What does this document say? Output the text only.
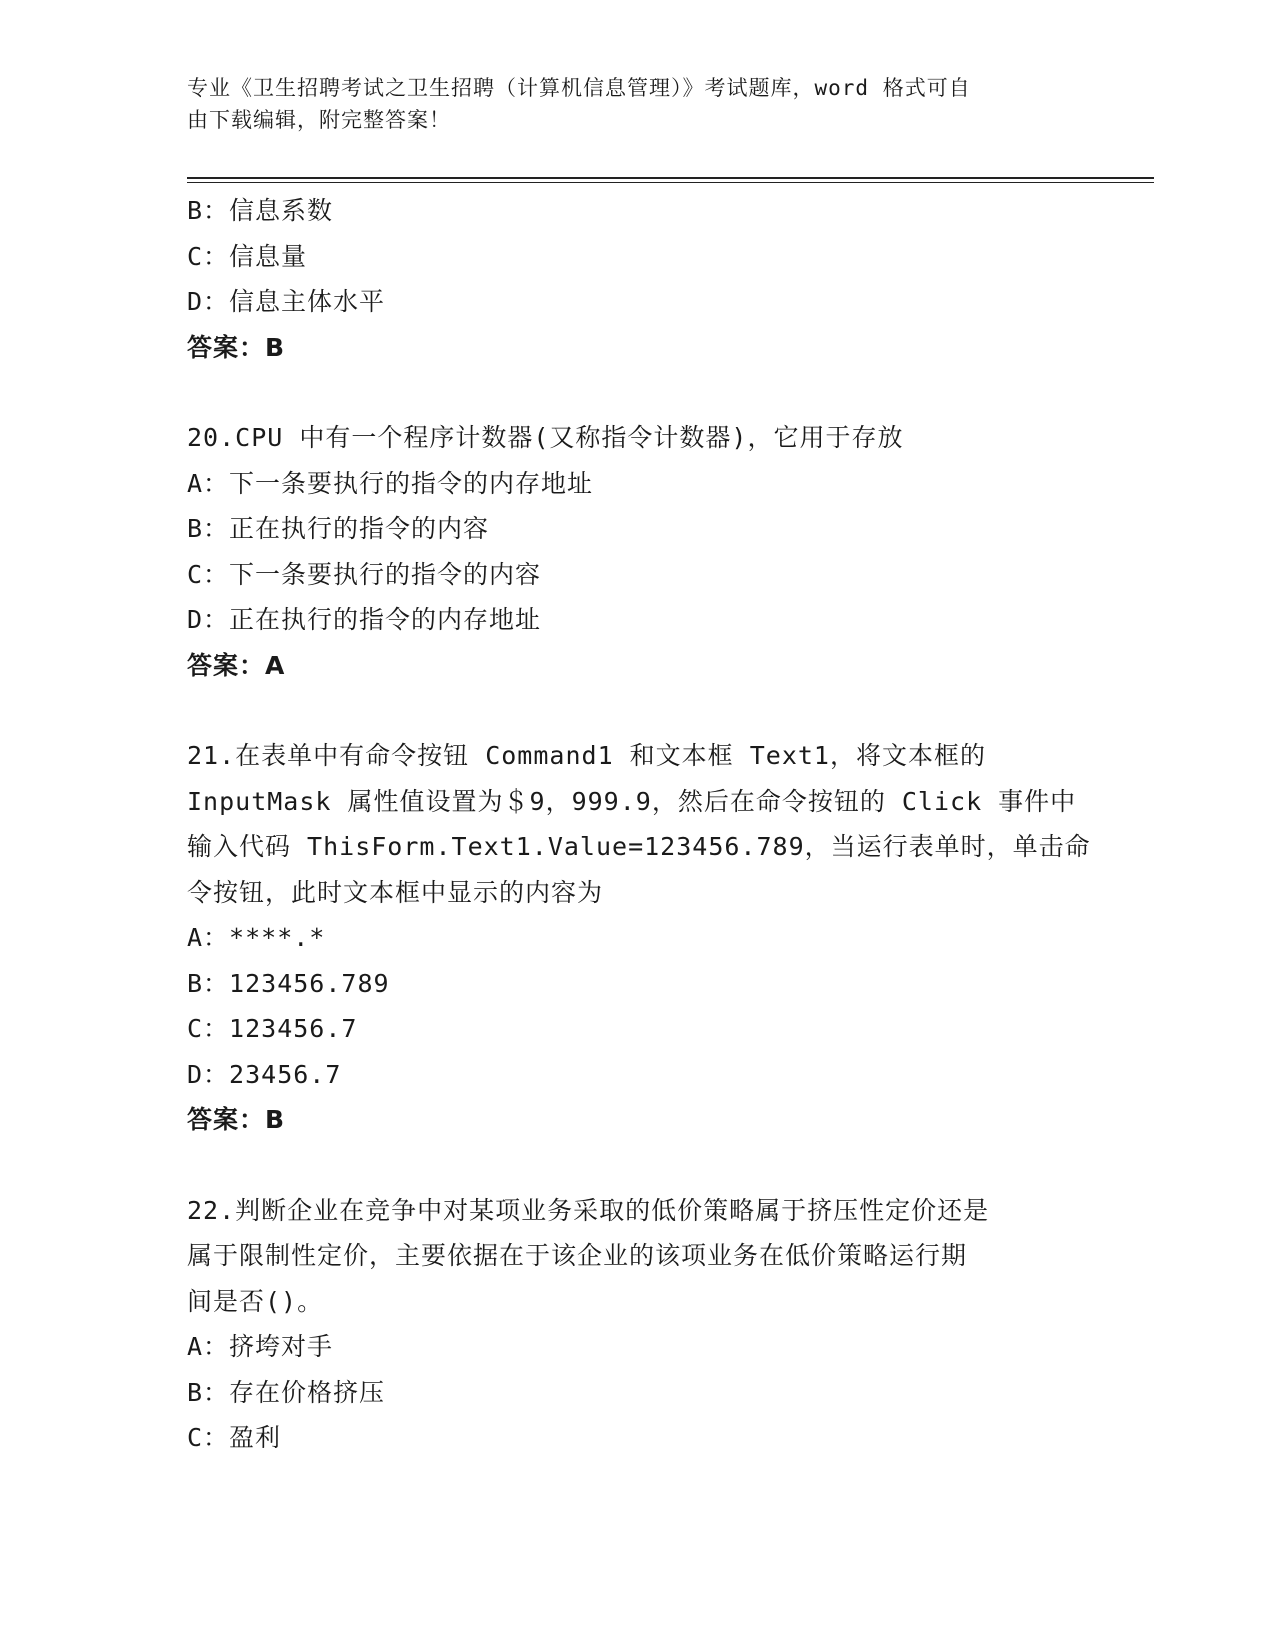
专业《卫生招聘考试之卫生招聘（计算机信息管理）》考试题库，word 格式可自
由下载编辑，附完整答案！
B：信息系数
C：信息量
D：信息主体水平
答案：B
20.CPU 中有一个程序计数器(又称指令计数器)，它用于存放
A：下一条要执行的指令的内存地址
B：正在执行的指令的内容
C：下一条要执行的指令的内容
D：正在执行的指令的内存地址
答案：A
21.在表单中有命令按钮 Command1 和文本框 Text1，将文本框的
InputMask 属性值设置为＄9，999.9，然后在命令按钮的 Click 事件中
输入代码 ThisForm.Text1.Value=123456.789，当运行表单时，单击命
令按钮，此时文本框中显示的内容为
A：****.*
B：123456.789
C：123456.7
D：23456.7
答案：B
22.判断企业在竞争中对某项业务采取的低价策略属于挤压性定价还是
属于限制性定价，主要依据在于该企业的该项业务在低价策略运行期
间是否()。
A：挤垮对手
B：存在价格挤压
C：盈利
